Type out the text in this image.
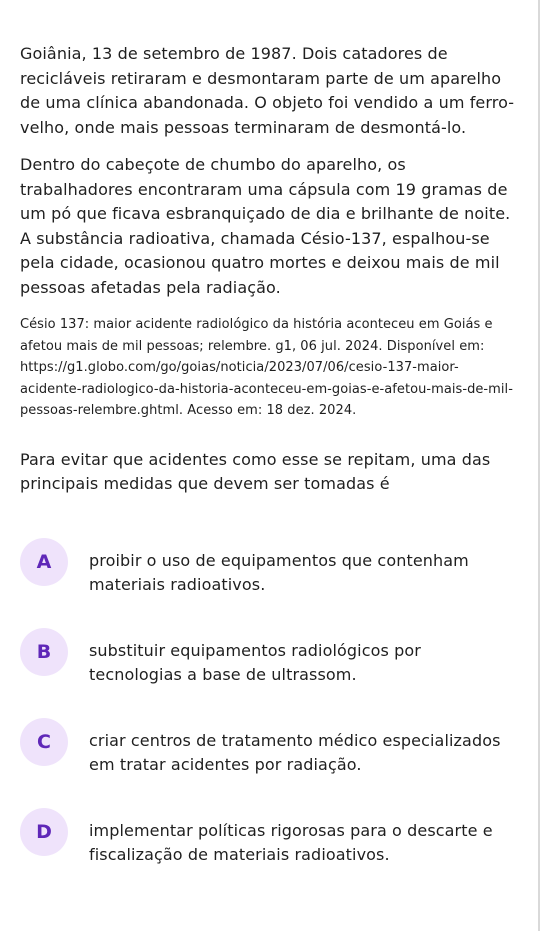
Goiânia, 13 de setembro de 1987. Dois catadores de recicláveis retiraram e desmontaram parte de um aparelho de uma clínica abandonada. O objeto foi vendido a um ferro-velho, onde mais pessoas terminaram de desmontá-lo.

Dentro do cabeçote de chumbo do aparelho, os trabalhadores encontraram uma cápsula com 19 gramas de um pó que ficava esbranquiçado de dia e brilhante de noite. A substância radioativa, chamada Césio-137, espalhou-se pela cidade, ocasionou quatro mortes e deixou mais de mil pessoas afetadas pela radiação.

Césio 137: maior acidente radiológico da história aconteceu em Goiás e afetou mais de mil pessoas; relembre. g1, 06 jul. 2024. Disponível em: https://g1.globo.com/go/goias/noticia/2023/07/06/cesio-137-maior-acidente-radiologico-da-historia-aconteceu-em-goias-e-afetou-mais-de-mil-pessoas-relembre.ghtml. Acesso em: 18 dez. 2024.

Para evitar que acidentes como esse se repitam, uma das principais medidas que devem ser tomadas é

A	proibir o uso de equipamentos que contenham materiais radioativos.

B	substituir equipamentos radiológicos por tecnologias a base de ultrassom.

C	criar centros de tratamento médico especializados em tratar acidentes por radiação.

D	implementar políticas rigorosas para o descarte e fiscalização de materiais radioativos.
